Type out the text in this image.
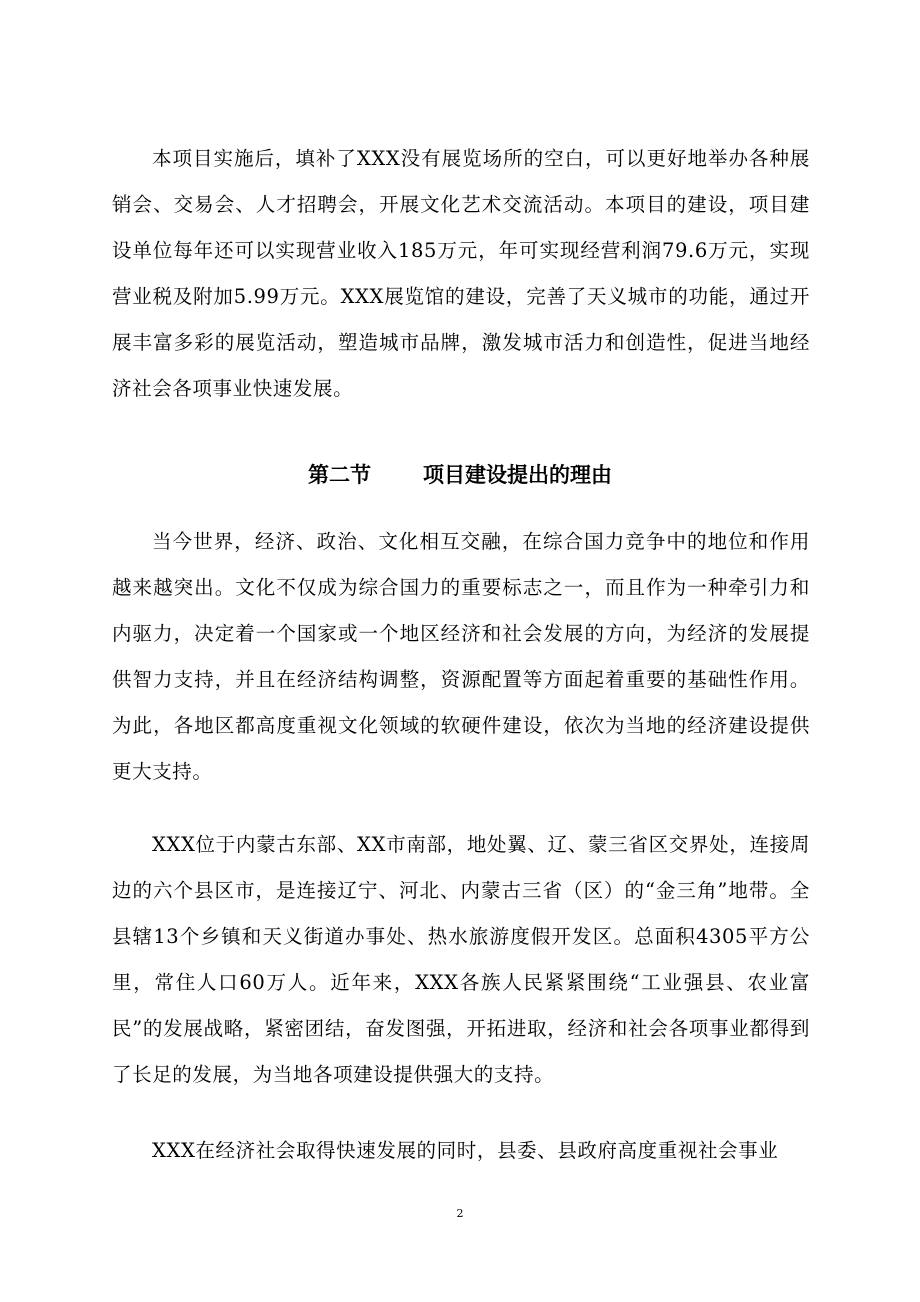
本项目实施后，填补了XXX没有展览场所的空白，可以更好地举办各种展销会、交易会、人才招聘会，开展文化艺术交流活动。本项目的建设，项目建设单位每年还可以实现营业收入185万元，年可实现经营利润79.6万元，实现营业税及附加5.99万元。XXX展览馆的建设，完善了天义城市的功能，通过开展丰富多彩的展览活动，塑造城市品牌，激发城市活力和创造性，促进当地经济社会各项事业快速发展。

第二节 项目建设提出的理由

当今世界，经济、政治、文化相互交融，在综合国力竞争中的地位和作用越来越突出。文化不仅成为综合国力的重要标志之一，而且作为一种牵引力和内驱力，决定着一个国家或一个地区经济和社会发展的方向，为经济的发展提供智力支持，并且在经济结构调整，资源配置等方面起着重要的基础性作用。为此，各地区都高度重视文化领域的软硬件建设，依次为当地的经济建设提供更大支持。

XXX位于内蒙古东部、XX市南部，地处翼、辽、蒙三省区交界处，连接周边的六个县区市，是连接辽宁、河北、内蒙古三省（区）的“金三角”地带。全县辖13个乡镇和天义街道办事处、热水旅游度假开发区。总面积4305平方公里，常住人口60万人。近年来，XXX各族人民紧紧围绕“工业强县、农业富民”的发展战略，紧密团结，奋发图强，开拓进取，经济和社会各项事业都得到了长足的发展，为当地各项建设提供强大的支持。

XXX在经济社会取得快速发展的同时，县委、县政府高度重视社会事业

2
